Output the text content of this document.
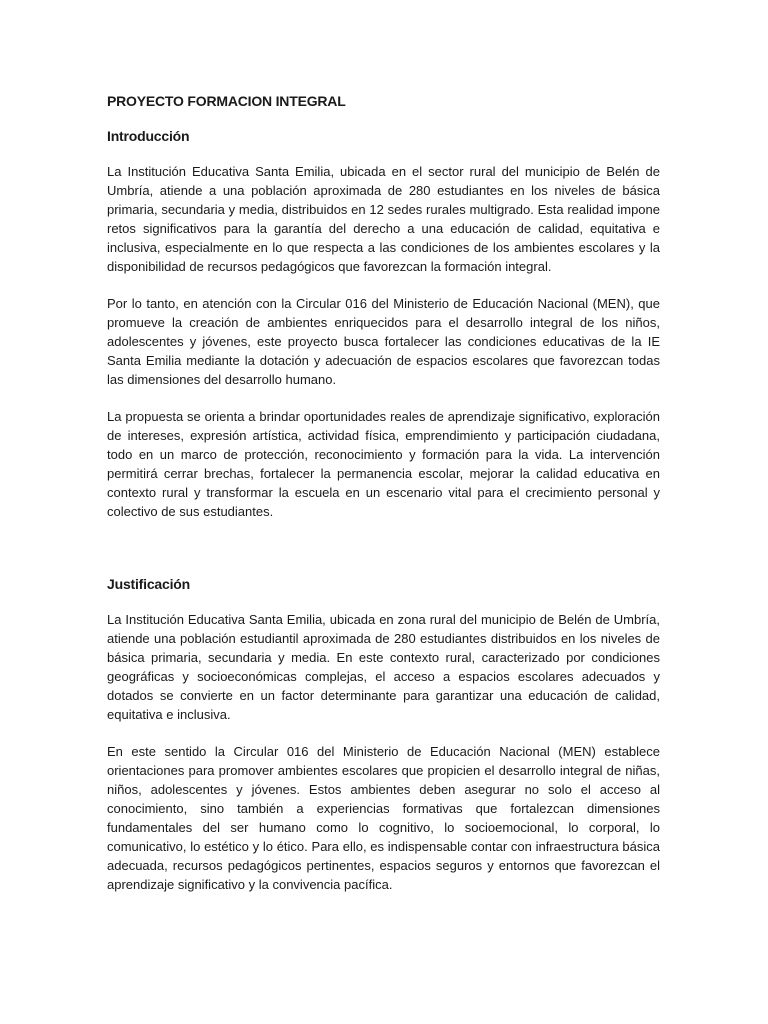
PROYECTO FORMACION INTEGRAL
Introducción

La Institución Educativa Santa Emilia, ubicada en el sector rural del municipio de Belén de Umbría, atiende a una población aproximada de 280 estudiantes en los niveles de básica primaria, secundaria y media, distribuidos en 12 sedes rurales multigrado. Esta realidad impone retos significativos para la garantía del derecho a una educación de calidad, equitativa e inclusiva, especialmente en lo que respecta a las condiciones de los ambientes escolares y la disponibilidad de recursos pedagógicos que favorezcan la formación integral.

Por lo tanto, en atención con la Circular 016 del Ministerio de Educación Nacional (MEN), que promueve la creación de ambientes enriquecidos para el desarrollo integral de los niños, adolescentes y jóvenes, este proyecto busca fortalecer las condiciones educativas de la IE Santa Emilia mediante la dotación y adecuación de espacios escolares que favorezcan todas las dimensiones del desarrollo humano.

La propuesta se orienta a brindar oportunidades reales de aprendizaje significativo, exploración de intereses, expresión artística, actividad física, emprendimiento y participación ciudadana, todo en un marco de protección, reconocimiento y formación para la vida. La intervención permitirá cerrar brechas, fortalecer la permanencia escolar, mejorar la calidad educativa en contexto rural y transformar la escuela en un escenario vital para el crecimiento personal y colectivo de sus estudiantes.

Justificación

La Institución Educativa Santa Emilia, ubicada en zona rural del municipio de Belén de Umbría, atiende una población estudiantil aproximada de 280 estudiantes distribuidos en los niveles de básica primaria, secundaria y media. En este contexto rural, caracterizado por condiciones geográficas y socioeconómicas complejas, el acceso a espacios escolares adecuados y dotados se convierte en un factor determinante para garantizar una educación de calidad, equitativa e inclusiva.

En este sentido la Circular 016 del Ministerio de Educación Nacional (MEN) establece orientaciones para promover ambientes escolares que propicien el desarrollo integral de niñas, niños, adolescentes y jóvenes. Estos ambientes deben asegurar no solo el acceso al conocimiento, sino también a experiencias formativas que fortalezcan dimensiones fundamentales del ser humano como lo cognitivo, lo socioemocional, lo corporal, lo comunicativo, lo estético y lo ético. Para ello, es indispensable contar con infraestructura básica adecuada, recursos pedagógicos pertinentes, espacios seguros y entornos que favorezcan el aprendizaje significativo y la convivencia pacífica.
